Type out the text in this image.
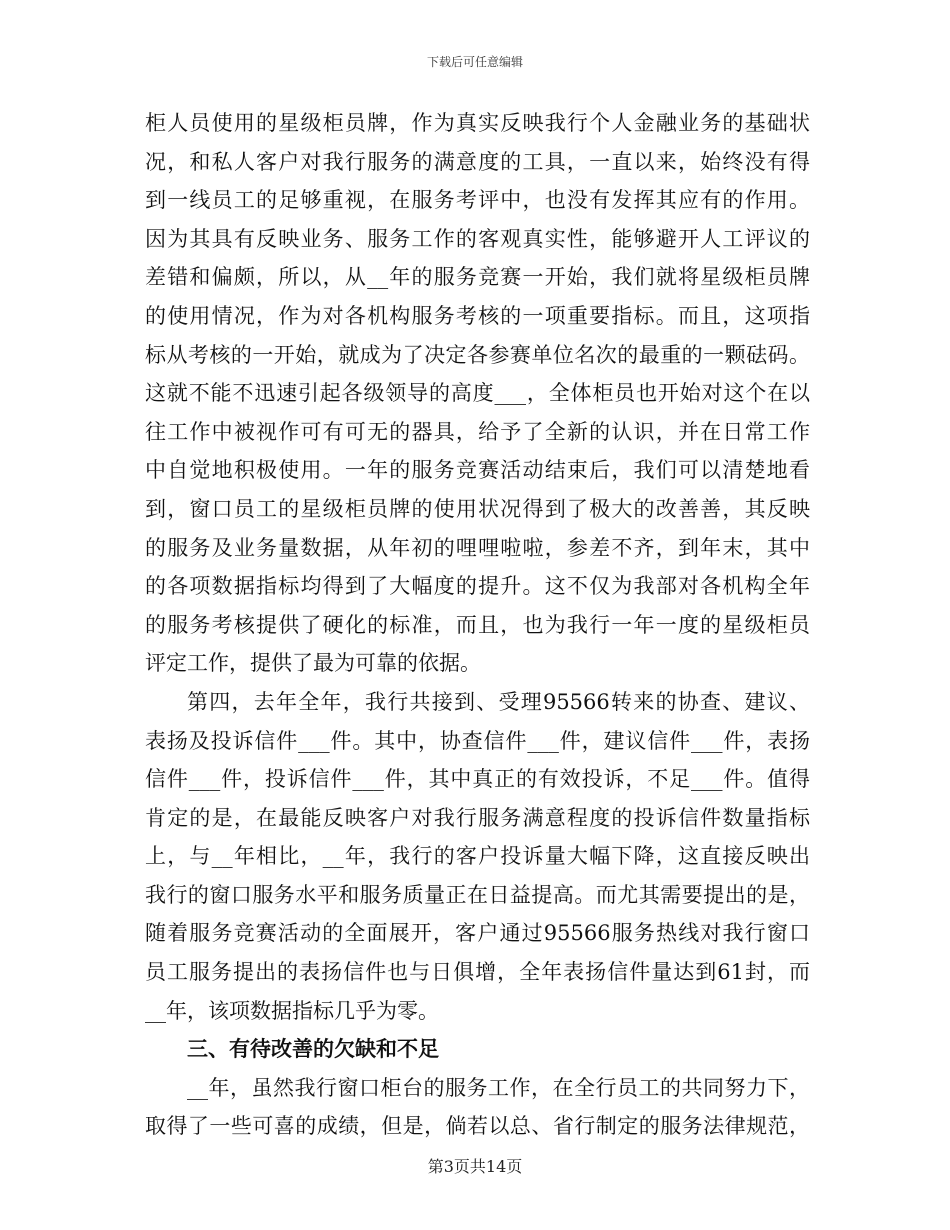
下载后可任意编辑
柜人员使用的星级柜员牌，作为真实反映我行个人金融业务的基础状
况，和私人客户对我行服务的满意度的工具，一直以来，始终没有得
到一线员工的足够重视，在服务考评中，也没有发挥其应有的作用。
因为其具有反映业务、服务工作的客观真实性，能够避开人工评议的
差错和偏颇，所以，从__年的服务竞赛一开始，我们就将星级柜员牌
的使用情况，作为对各机构服务考核的一项重要指标。而且，这项指
标从考核的一开始，就成为了决定各参赛单位名次的最重的一颗砝码。
这就不能不迅速引起各级领导的高度___，全体柜员也开始对这个在以
往工作中被视作可有可无的器具，给予了全新的认识，并在日常工作
中自觉地积极使用。一年的服务竞赛活动结束后，我们可以清楚地看
到，窗口员工的星级柜员牌的使用状况得到了极大的改善善，其反映
的服务及业务量数据，从年初的哩哩啦啦，参差不齐，到年末，其中
的各项数据指标均得到了大幅度的提升。这不仅为我部对各机构全年
的服务考核提供了硬化的标准，而且，也为我行一年一度的星级柜员
评定工作，提供了最为可靠的依据。
第四，去年全年，我行共接到、受理95566转来的协查、建议、
表扬及投诉信件___件。其中，协查信件___件，建议信件___件，表扬
信件___件，投诉信件___件，其中真正的有效投诉，不足___件。值得
肯定的是，在最能反映客户对我行服务满意程度的投诉信件数量指标
上，与__年相比，__年，我行的客户投诉量大幅下降，这直接反映出
我行的窗口服务水平和服务质量正在日益提高。而尤其需要提出的是，
随着服务竞赛活动的全面展开，客户通过95566服务热线对我行窗口
员工服务提出的表扬信件也与日俱增，全年表扬信件量达到61封，而
__年，该项数据指标几乎为零。
三、有待改善的欠缺和不足
__年，虽然我行窗口柜台的服务工作，在全行员工的共同努力下，
取得了一些可喜的成绩，但是，倘若以总、省行制定的服务法律规范，
第3页共14页
